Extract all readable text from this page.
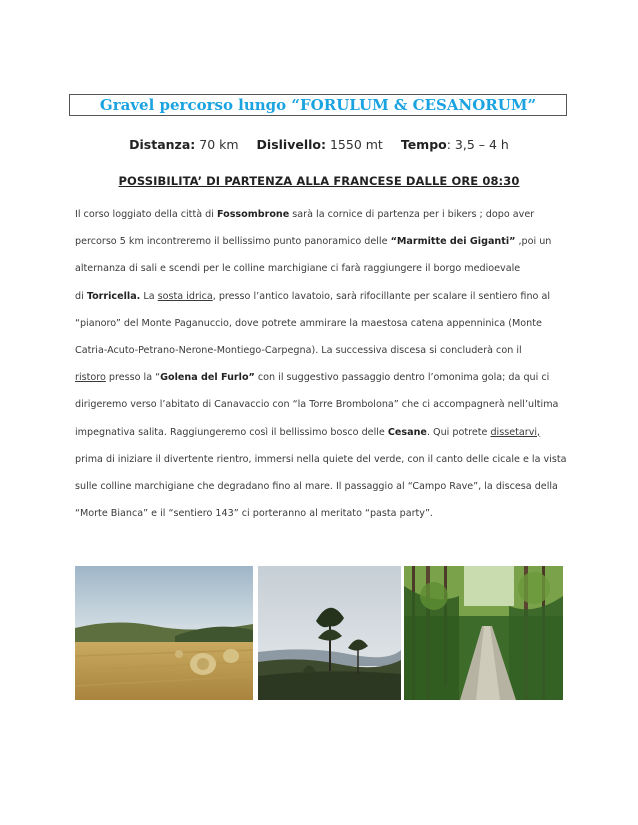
Gravel percorso lungo “FORULUM & CESANORUM”
Distanza: 70 km Dislivello: 1550 mt Tempo: 3,5 – 4 h
POSSIBILITA’ DI PARTENZA ALLA FRANCESE DALLE ORE 08:30
Il corso loggiato della città di Fossombrone sarà la cornice di partenza per i bikers ; dopo aver
percorso 5 km incontreremo il bellissimo punto panoramico delle “Marmitte dei Giganti” ,poi un
alternanza di sali e scendi per le colline marchigiane ci farà raggiungere il borgo medioevale
di Torricella. La sosta idrica, presso l’antico lavatoio, sarà rifocillante per scalare il sentiero fino al
“pianoro” del Monte Paganuccio, dove potrete ammirare la maestosa catena appenninica (Monte
Catria-Acuto-Petrano-Nerone-Montiego-Carpegna). La successiva discesa si concluderà con il
ristoro presso la “Golena del Furlo” con il suggestivo passaggio dentro l’omonima gola; da qui ci
dirigeremo verso l’abitato di Canavaccio con “la Torre Brombolona” che ci accompagnerà nell’ultima
impegnativa salita. Raggiungeremo così il bellissimo bosco delle Cesane. Qui potrete dissetarvi,
prima di iniziare il divertente rientro, immersi nella quiete del verde, con il canto delle cicale e la vista
sulle colline marchigiane che degradano fino al mare. Il passaggio al “Campo Rave”, la discesa della
“Morte Bianca” e il “sentiero 143” ci porteranno al meritato “pasta party”.
